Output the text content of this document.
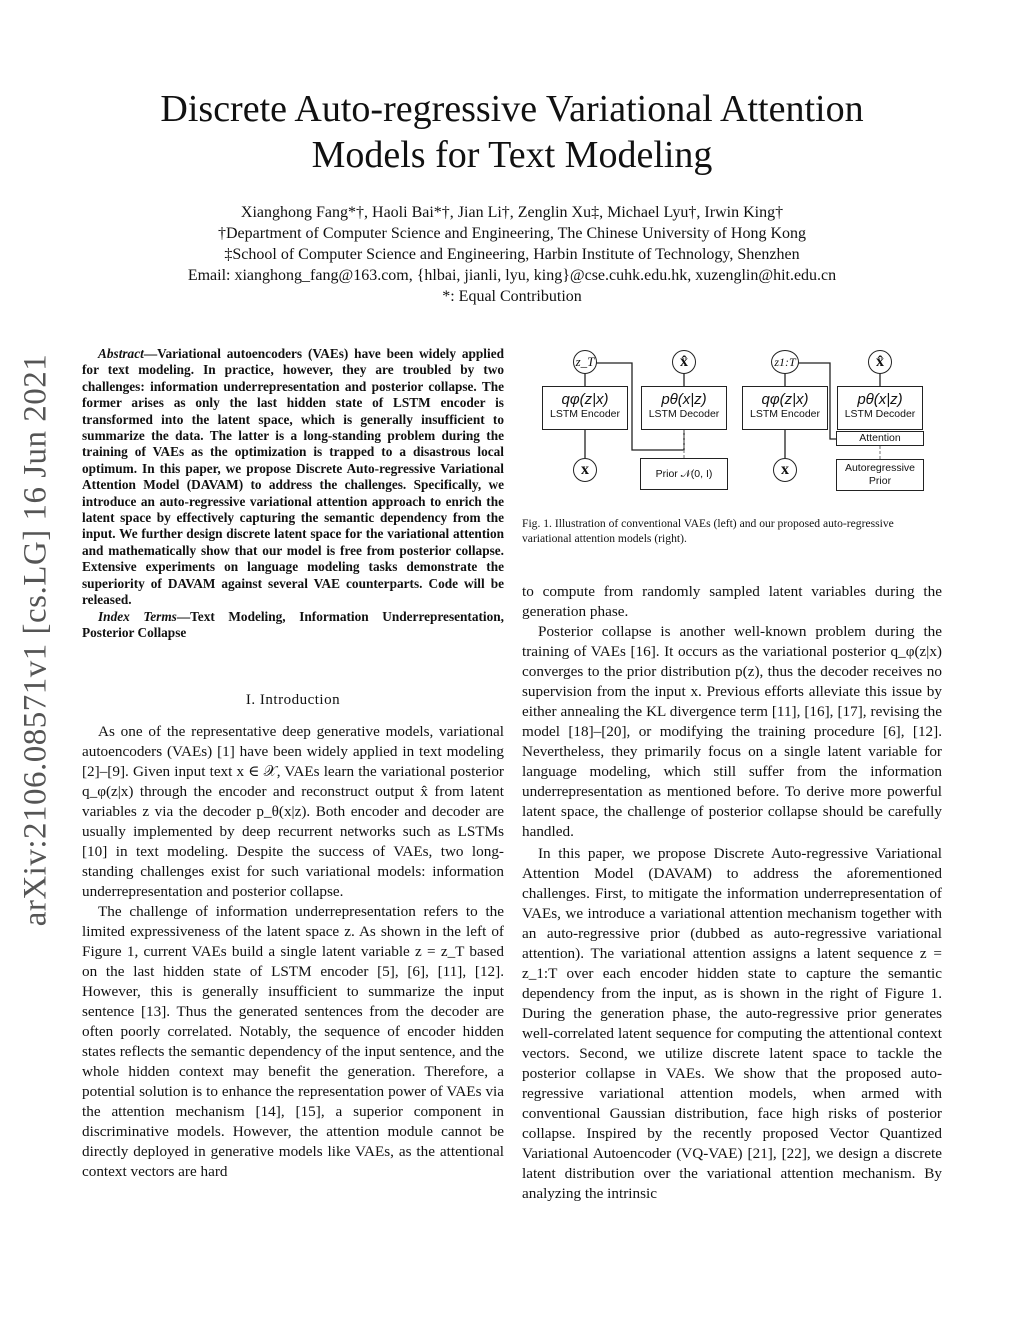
arXiv:2106.08571v1 [cs.LG] 16 Jun 2021
Discrete Auto-regressive Variational Attention
Models for Text Modeling
Xianghong Fang*†, Haoli Bai*†, Jian Li†, Zenglin Xu‡, Michael Lyu†, Irwin King†
†Department of Computer Science and Engineering, The Chinese University of Hong Kong
‡School of Computer Science and Engineering, Harbin Institute of Technology, Shenzhen
Email: xianghong_fang@163.com, {hlbai, jianli, lyu, king}@cse.cuhk.edu.hk, xuzenglin@hit.edu.cn
*: Equal Contribution

Abstract—Variational autoencoders (VAEs) have been widely applied for text modeling. In practice, however, they are troubled by two challenges: information underrepresentation and posterior collapse. The former arises as only the last hidden state of LSTM encoder is transformed into the latent space, which is generally insufficient to summarize the data. The latter is a long-standing problem during the training of VAEs as the optimization is trapped to a disastrous local optimum. In this paper, we propose Discrete Auto-regressive Variational Attention Model (DAVAM) to address the challenges. Specifically, we introduce an auto-regressive variational attention approach to enrich the latent space by effectively capturing the semantic dependency from the input. We further design discrete latent space for the variational attention and mathematically show that our model is free from posterior collapse. Extensive experiments on language modeling tasks demonstrate the superiority of DAVAM against several VAE counterparts. Code will be released.

Index Terms—Text Modeling, Information Underrepresentation, Posterior Collapse

I. Introduction

As one of the representative deep generative models, variational autoencoders (VAEs) [1] have been widely applied in text modeling [2]–[9]. Given input text x ∈ 𝒳, VAEs learn the variational posterior q_φ(z|x) through the encoder and reconstruct output x̂ from latent variables z via the decoder p_θ(x|z). Both encoder and decoder are usually implemented by deep recurrent networks such as LSTMs [10] in text modeling. Despite the success of VAEs, two long-standing challenges exist for such variational models: information underrepresentation and posterior collapse.

The challenge of information underrepresentation refers to the limited expressiveness of the latent space z. As shown in the left of Figure 1, current VAEs build a single latent variable z = z_T based on the last hidden state of LSTM encoder [5], [6], [11], [12]. However, this is generally insufficient to summarize the input sentence [13]. Thus the generated sentences from the decoder are often poorly correlated. Notably, the sequence of encoder hidden states reflects the semantic dependency of the input sentence, and the whole hidden context may benefit the generation. Therefore, a potential solution is to enhance the representation power of VAEs via the attention mechanism [14], [15], a superior component in discriminative models. However, the attention module cannot be directly deployed in generative models like VAEs, as the attentional context vectors are hard

z_T
qφ(z|x)
LSTM Encoder
x
x̂
pθ(x|z)
LSTM Decoder
Prior 𝒩(0, I)
z1:T
qφ(z|x)
LSTM Encoder
x
x̂
pθ(x|z)
LSTM Decoder
Attention
Autoregressive
Prior
Fig. 1. Illustration of conventional VAEs (left) and our proposed auto-regressive variational attention models (right).

to compute from randomly sampled latent variables during the generation phase.

Posterior collapse is another well-known problem during the training of VAEs [16]. It occurs as the variational posterior q_φ(z|x) converges to the prior distribution p(z), thus the decoder receives no supervision from the input x. Previous efforts alleviate this issue by either annealing the KL divergence term [11], [16], [17], revising the model [18]–[20], or modifying the training procedure [6], [12]. Nevertheless, they primarily focus on a single latent variable for language modeling, which still suffer from the information underrepresentation as mentioned before. To derive more powerful latent space, the challenge of posterior collapse should be carefully handled.

In this paper, we propose Discrete Auto-regressive Variational Attention Model (DAVAM) to address the aforementioned challenges. First, to mitigate the information underrepresentation of VAEs, we introduce a variational attention mechanism together with an auto-regressive prior (dubbed as auto-regressive variational attention). The variational attention assigns a latent sequence z = z_1:T over each encoder hidden state to capture the semantic dependency from the input, as is shown in the right of Figure 1. During the generation phase, the auto-regressive prior generates well-correlated latent sequence for computing the attentional context vectors. Second, we utilize discrete latent space to tackle the posterior collapse in VAEs. We show that the proposed auto-regressive variational attention models, when armed with conventional Gaussian distribution, face high risks of posterior collapse. Inspired by the recently proposed Vector Quantized Variational Autoencoder (VQ-VAE) [21], [22], we design a discrete latent distribution over the variational attention mechanism. By analyzing the intrinsic
